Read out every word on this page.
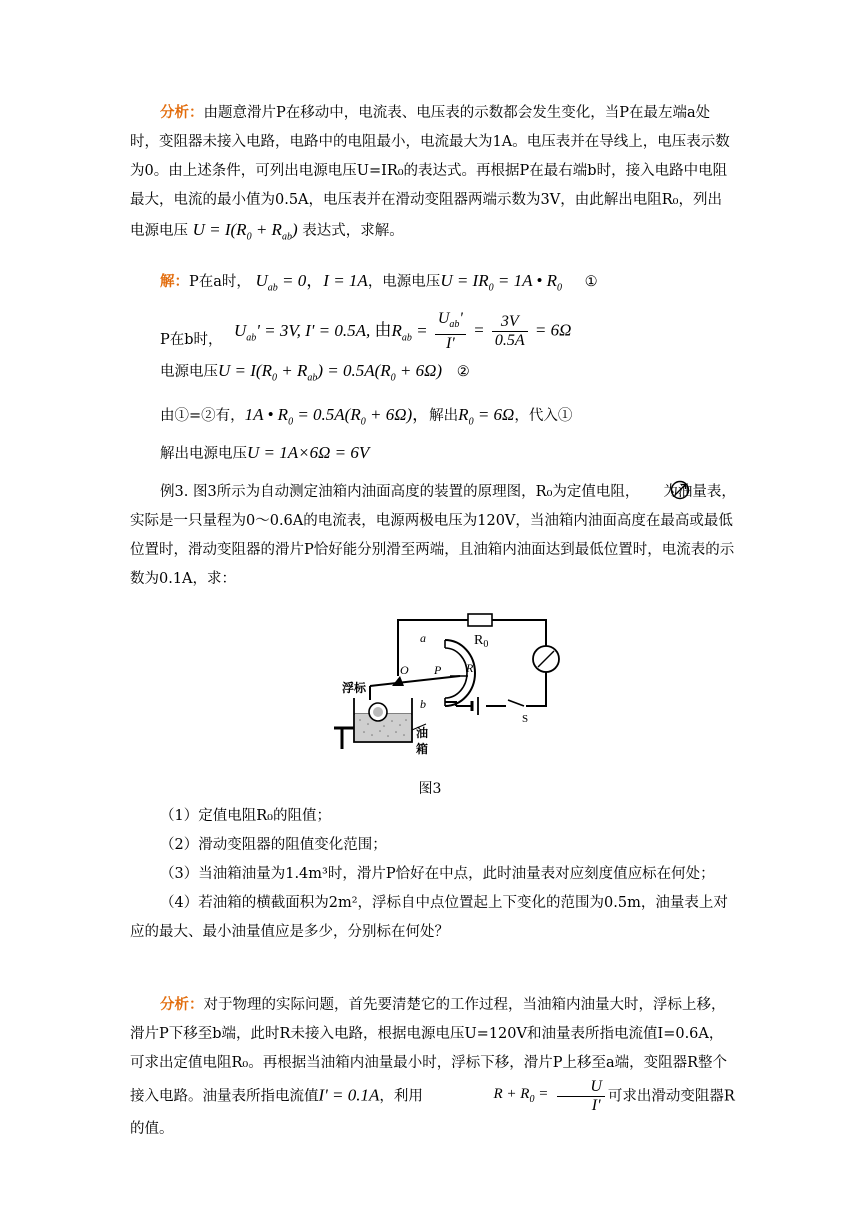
分析：由题意滑片P在移动中，电流表、电压表的示数都会发生变化，当P在最左端a处时，变阻器未接入电路，电路中的电阻最小，电流最大为1A。电压表并在导线上，电压表示数为0。由上述条件，可列出电源电压U=IR₀的表达式。再根据P在最右端b时，接入电路中电阻最大，电流的最小值为0.5A，电压表并在滑动变阻器两端示数为3V，由此解出电阻R₀，列出电源电压 $U = I(R_0 + R_{ab})$ 表达式，求解。
解：P在a时， $U_{ab} = 0$，I = 1A，电源电压$U = IR_0 = 1A$ • $R_0$ ①
P在b时，
$U_{ab}' = 3V$, I' = 0.5A, 由$R_{ab} = \frac{U_{ab}'}{I'} = \frac{3V}{0.5A} = 6\Omega$
电源电压$U = I(R_0 + R_{ab}) = 0.5A(R_0 + 6\Omega)$ ②
由①=②有，1A • $R_0 = 0.5A(R_0 + 6\Omega)$，解出$R_0 = 6\Omega$，代入①
解出电源电压U = 1A×6Ω = 6V
例3. 图3所示为自动测定油箱内油面高度的装置的原理图，R₀为定值电阻， 为油量表，实际是一只量程为0～0.6A的电流表，电源两极电压为120V，当油箱内油面高度在最高或最低位置时，滑动变阻器的滑片P恰好能分别滑至两端，且油箱内油面达到最低位置时，电流表的示数为0.1A，求：
$R_0$
a
b
O P R
S
浮标
油
箱
图3
（1）定值电阻R₀的阻值；
（2）滑动变阻器的阻值变化范围；
（3）当油箱油量为1.4m³时，滑片P恰好在中点，此时油量表对应刻度值应标在何处；
（4）若油箱的横截面积为2m²，浮标自中点位置起上下变化的范围为0.5m，油量表上对应的最大、最小油量值应是多少，分别标在何处？
分析：对于物理的实际问题，首先要清楚它的工作过程，当油箱内油量大时，浮标上移，滑片P下移至b端，此时R未接入电路，根据电源电压U=120V和油量表所指电流值I=0.6A，可求出定值电阻R₀。再根据当油箱内油量最小时，浮标下移，滑片P上移至a端，变阻器R整个接入电路。油量表所指电流值I' = 0.1A，利用	$R + R_0 = \frac{U}{I'}$ 可求出滑动变阻器R的值。
